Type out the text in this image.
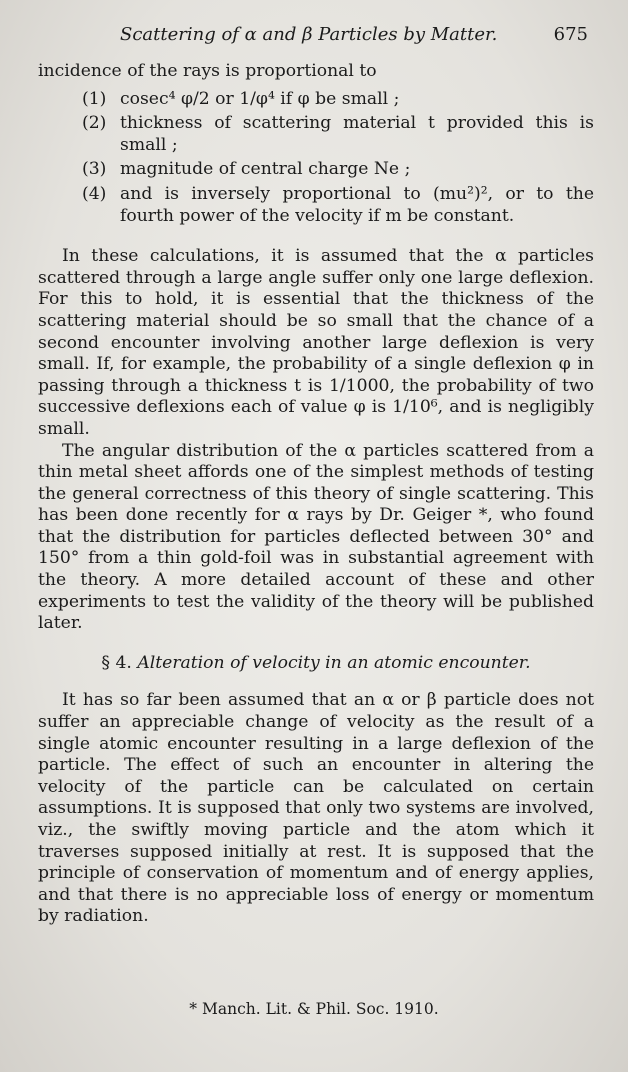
Scattering of α and β Particles by Matter.	675

incidence of the rays is proportional to

(1) cosec⁴ φ/2 or 1/φ⁴ if φ be small ;
(2) thickness of scattering material t provided this is small ;
(3) magnitude of central charge Ne ;
(4) and is inversely proportional to (mu²)², or to the fourth power of the velocity if m be constant.

In these calculations, it is assumed that the α particles scattered through a large angle suffer only one large deflexion. For this to hold, it is essential that the thickness of the scattering material should be so small that the chance of a second encounter involving another large deflexion is very small. If, for example, the probability of a single deflexion φ in passing through a thickness t is 1/1000, the probability of two successive deflexions each of value φ is 1/10⁶, and is negligibly small.

The angular distribution of the α particles scattered from a thin metal sheet affords one of the simplest methods of testing the general correctness of this theory of single scattering. This has been done recently for α rays by Dr. Geiger *, who found that the distribution for particles deflected between 30° and 150° from a thin gold-foil was in substantial agreement with the theory. A more detailed account of these and other experiments to test the validity of the theory will be published later.

§ 4. Alteration of velocity in an atomic encounter.

It has so far been assumed that an α or β particle does not suffer an appreciable change of velocity as the result of a single atomic encounter resulting in a large deflexion of the particle. The effect of such an encounter in altering the velocity of the particle can be calculated on certain assumptions. It is supposed that only two systems are involved, viz., the swiftly moving particle and the atom which it traverses supposed initially at rest. It is supposed that the principle of conservation of momentum and of energy applies, and that there is no appreciable loss of energy or momentum by radiation.

* Manch. Lit. & Phil. Soc. 1910.
